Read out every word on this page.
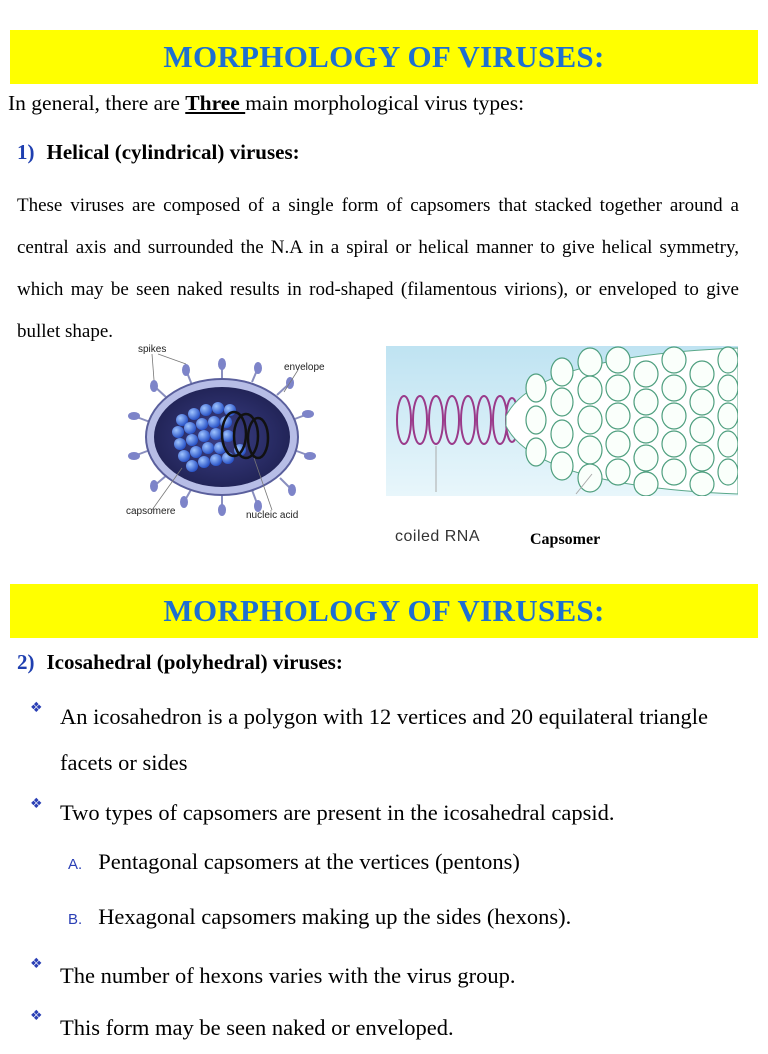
MORPHOLOGY OF VIRUSES:
In general, there are Three main morphological virus types:
1) Helical (cylindrical) viruses:
These viruses are composed of a single form of capsomers that stacked together around a central axis and surrounded the N.A in a spiral or helical manner to give helical symmetry, which may be seen naked results in rod-shaped (filamentous virions), or enveloped to give bullet shape.
spikes
envelope
capsomere	nucleic acid
coiled RNA	Capsomer
MORPHOLOGY OF VIRUSES:
2) Icosahedral (polyhedral) viruses:
❖ An icosahedron is a polygon with 12 vertices and 20 equilateral triangle facets or sides
❖ Two types of capsomers are present in the icosahedral capsid.
A. Pentagonal capsomers at the vertices (pentons)
B. Hexagonal capsomers making up the sides (hexons).
❖ The number of hexons varies with the virus group.
❖ This form may be seen naked or enveloped.
